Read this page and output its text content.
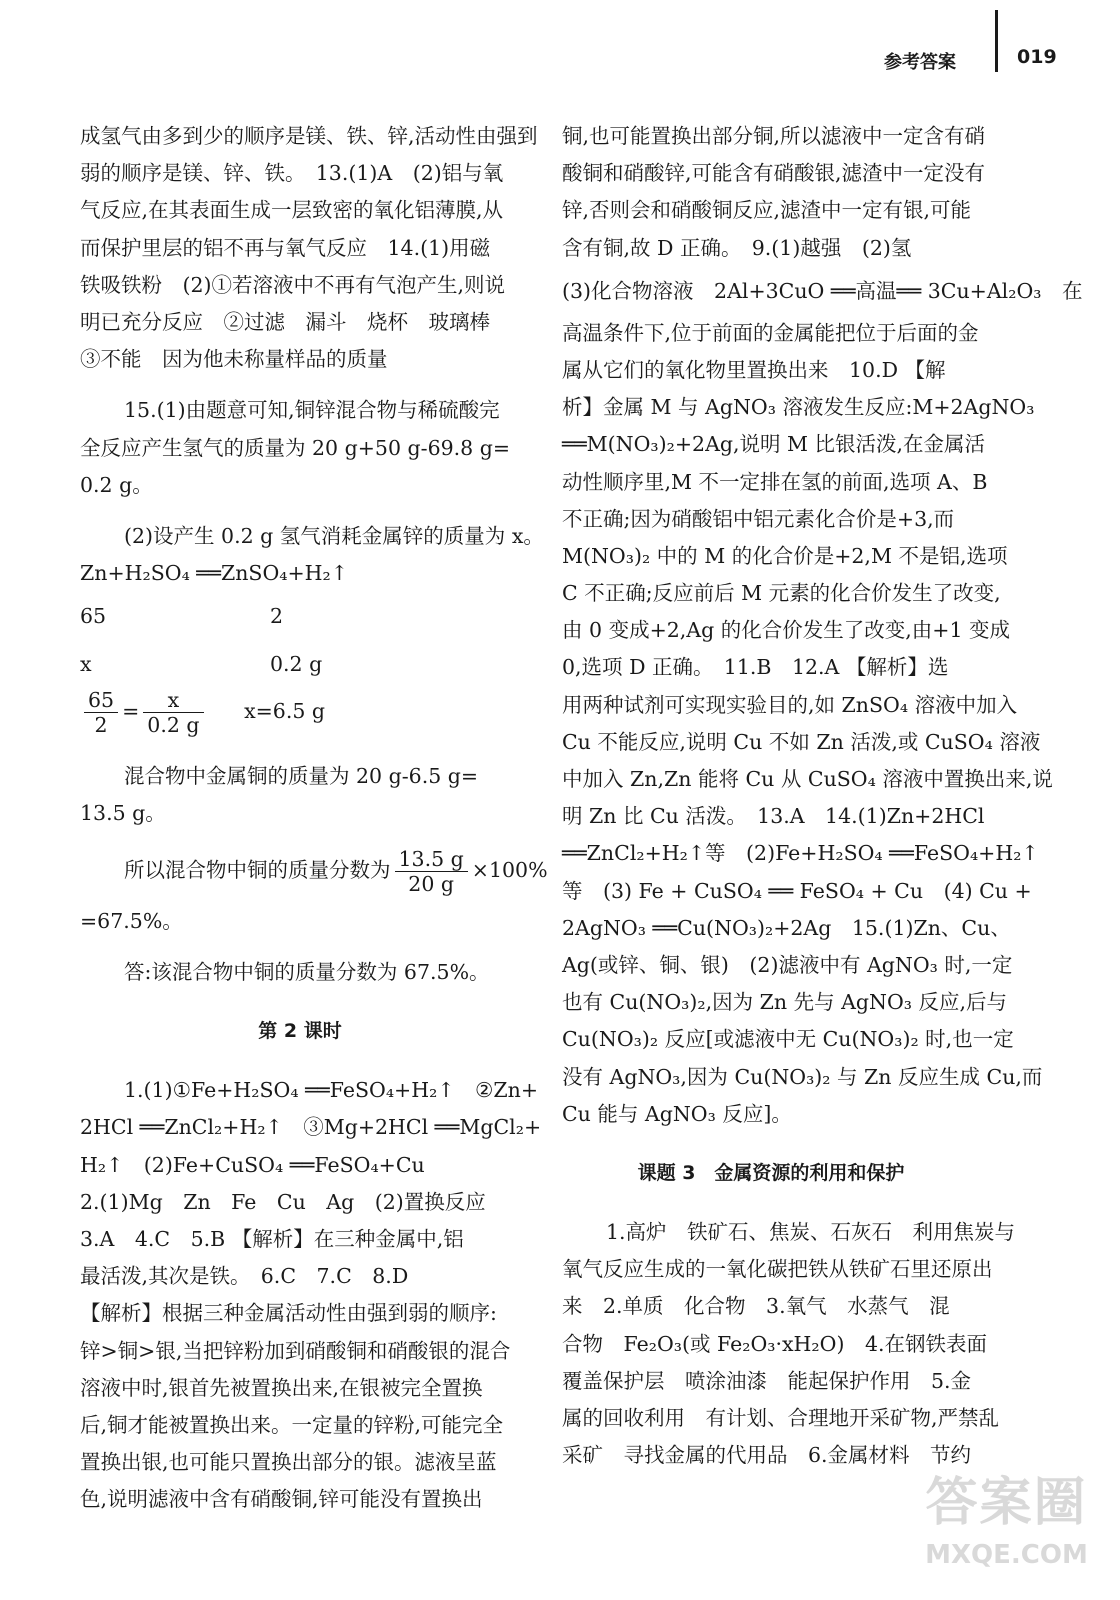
参考答案	019
成氢气由多到少的顺序是镁、铁、锌,活动性由强到
弱的顺序是镁、锌、铁。　13.(1)A　(2)铝与氧
气反应,在其表面生成一层致密的氧化铝薄膜,从
而保护里层的铝不再与氧气反应　14.(1)用磁
铁吸铁粉　(2)①若溶液中不再有气泡产生,则说
明已充分反应　②过滤　漏斗　烧杯　玻璃棒
③不能　因为他未称量样品的质量
15.(1)由题意可知,铜锌混合物与稀硫酸完
全反应产生氢气的质量为 20 g+50 g-69.8 g=
0.2 g。
(2)设产生 0.2 g 氢气消耗金属锌的质量为 x。
Zn+H₂SO₄ ══ZnSO₄+H₂↑
65	2
x	0.2 g
$\frac{65}{2} = \frac{x}{0.2 g} x=6.5$ g
混合物中金属铜的质量为 20 g-6.5 g=
13.5 g。
所以混合物中铜的质量分数为 $\frac{13.5 g}{20 g} \times 100\%$
=67.5%。
答:该混合物中铜的质量分数为 67.5%。
第 2 课时
1.(1)①Fe+H₂SO₄ ══FeSO₄+H₂↑　②Zn+
2HCl ══ZnCl₂+H₂↑　③Mg+2HCl ══MgCl₂+
H₂↑　(2)Fe+CuSO₄ ══FeSO₄+Cu
2.(1)Mg　Zn　Fe　Cu　Ag　(2)置换反应
3.A　4.C　5.B 【解析】在三种金属中,铝
最活泼,其次是铁。　6.C　7.C　8.D
【解析】根据三种金属活动性由强到弱的顺序:
锌>铜>银,当把锌粉加到硝酸铜和硝酸银的混合
溶液中时,银首先被置换出来,在银被完全置换
后,铜才能被置换出来。一定量的锌粉,可能完全
置换出银,也可能只置换出部分的银。滤液呈蓝
色,说明滤液中含有硝酸铜,锌可能没有置换出
铜,也可能置换出部分铜,所以滤液中一定含有硝
酸铜和硝酸锌,可能含有硝酸银,滤渣中一定没有
锌,否则会和硝酸铜反应,滤渣中一定有银,可能
含有铜,故 D 正确。　9.(1)越强　(2)氢
(3)化合物溶液　2Al+3CuO ══高温══ 3Cu+Al₂O₃　在
高温条件下,位于前面的金属能把位于后面的金
属从它们的氧化物里置换出来　10.D 【解
析】金属 M 与 AgNO₃ 溶液发生反应:M+2AgNO₃
══M(NO₃)₂+2Ag,说明 M 比银活泼,在金属活
动性顺序里,M 不一定排在氢的前面,选项 A、B
不正确;因为硝酸铝中铝元素化合价是+3,而
M(NO₃)₂ 中的 M 的化合价是+2,M 不是铝,选项
C 不正确;反应前后 M 元素的化合价发生了改变,
由 0 变成+2,Ag 的化合价发生了改变,由+1 变成
0,选项 D 正确。　11.B　12.A 【解析】选
用两种试剂可实现实验目的,如 ZnSO₄ 溶液中加入
Cu 不能反应,说明 Cu 不如 Zn 活泼,或 CuSO₄ 溶液
中加入 Zn,Zn 能将 Cu 从 CuSO₄ 溶液中置换出来,说
明 Zn 比 Cu 活泼。　13.A　14.(1)Zn+2HCl
══ZnCl₂+H₂↑等　(2)Fe+H₂SO₄ ══FeSO₄+H₂↑
等　(3) Fe + CuSO₄ ══ FeSO₄ + Cu　(4) Cu +
2AgNO₃ ══Cu(NO₃)₂+2Ag　15.(1)Zn、Cu、
Ag(或锌、铜、银)　(2)滤液中有 AgNO₃ 时,一定
也有 Cu(NO₃)₂,因为 Zn 先与 AgNO₃ 反应,后与
Cu(NO₃)₂ 反应[或滤液中无 Cu(NO₃)₂ 时,也一定
没有 AgNO₃,因为 Cu(NO₃)₂ 与 Zn 反应生成 Cu,而
Cu 能与 AgNO₃ 反应]。
课题 3　金属资源的利用和保护
1.高炉　铁矿石、焦炭、石灰石　利用焦炭与
氧气反应生成的一氧化碳把铁从铁矿石里还原出
来　2.单质　化合物　3.氧气　水蒸气　混
合物　Fe₂O₃(或 Fe₂O₃·xH₂O)　4.在钢铁表面
覆盖保护层　喷涂油漆　能起保护作用　5.金
属的回收利用　有计划、合理地开采矿物,严禁乱
采矿　寻找金属的代用品　6.金属材料　节约
答案圈
MXQE.COM
